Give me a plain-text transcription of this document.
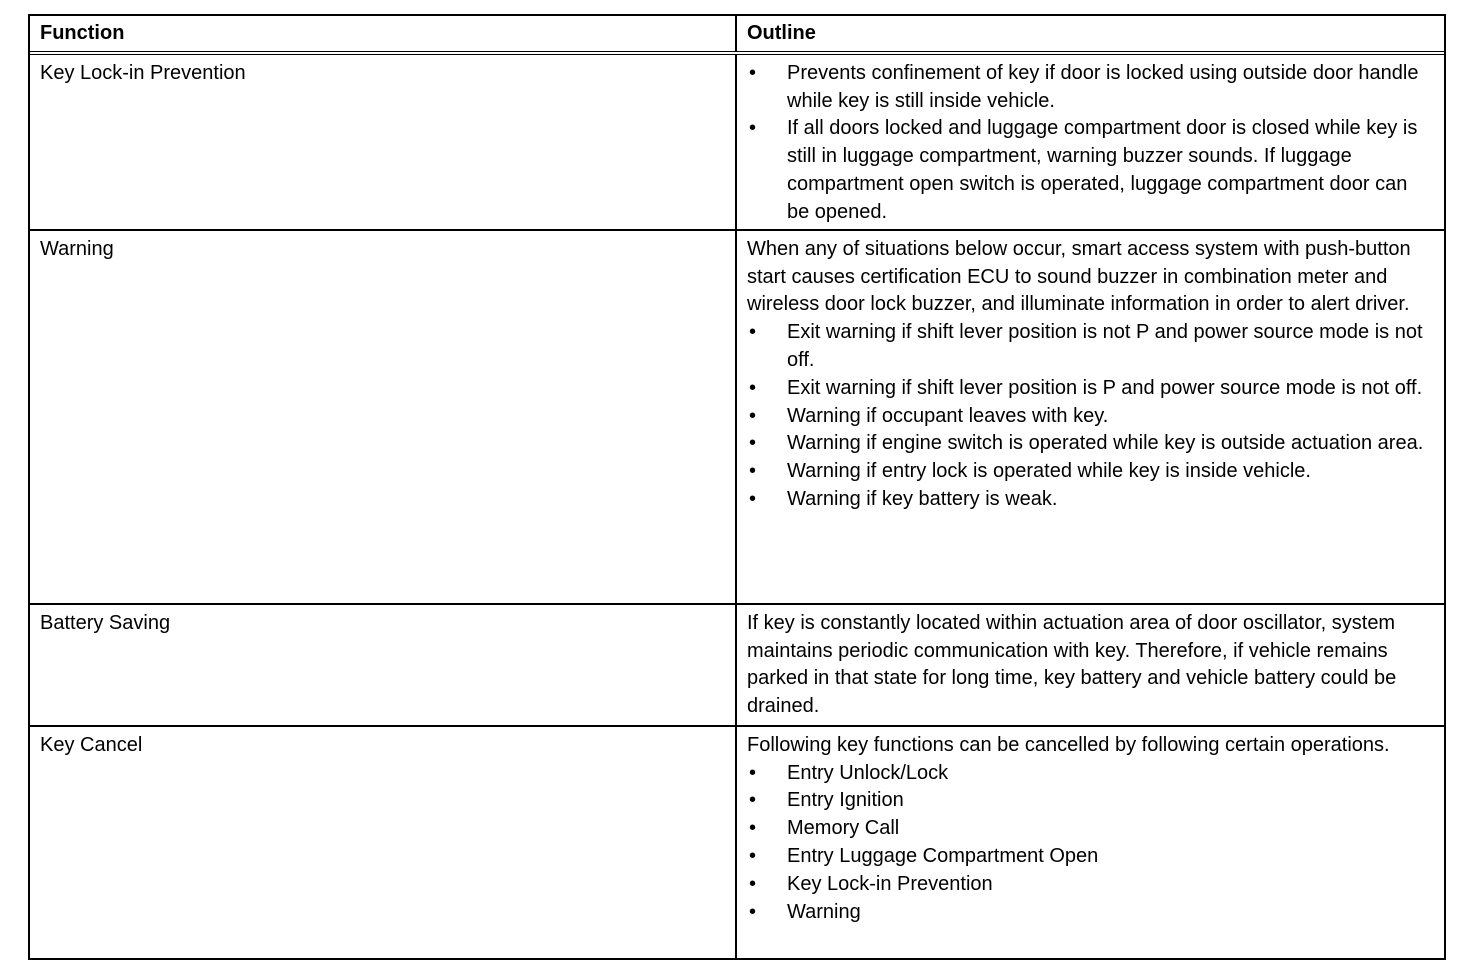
Function	Outline
Key Lock-in Prevention
•	Prevents confinement of key if door is locked using outside door handle while key is still inside vehicle.
• If all doors locked and luggage compartment door is closed while key is still in luggage compartment, warning buzzer sounds. If luggage compartment open switch is operated, luggage compartment door can be opened.
Warning	When any of situations below occur, smart access system with push-button start causes certification ECU to sound buzzer in combination meter and wireless door lock buzzer, and illuminate information in order to alert driver.

• Exit warning if shift lever position is not P and power source mode is not off.
• Exit warning if shift lever position is P and power source mode is not off.
• Warning if occupant leaves with key.
• Warning if engine switch is operated while key is outside actuation area.
• Warning if entry lock is operated while key is inside vehicle.
• Warning if key battery is weak.
Battery Saving	If key is constantly located within actuation area of door oscillator, system maintains periodic communication with key. Therefore, if vehicle remains parked in that state for long time, key battery and vehicle battery could be drained.

Key Cancel	Following key functions can be cancelled by following certain operations.

• Entry Unlock/Lock
• Entry Ignition
• Memory Call
• Entry Luggage Compartment Open
• Key Lock-in Prevention
• Warning
